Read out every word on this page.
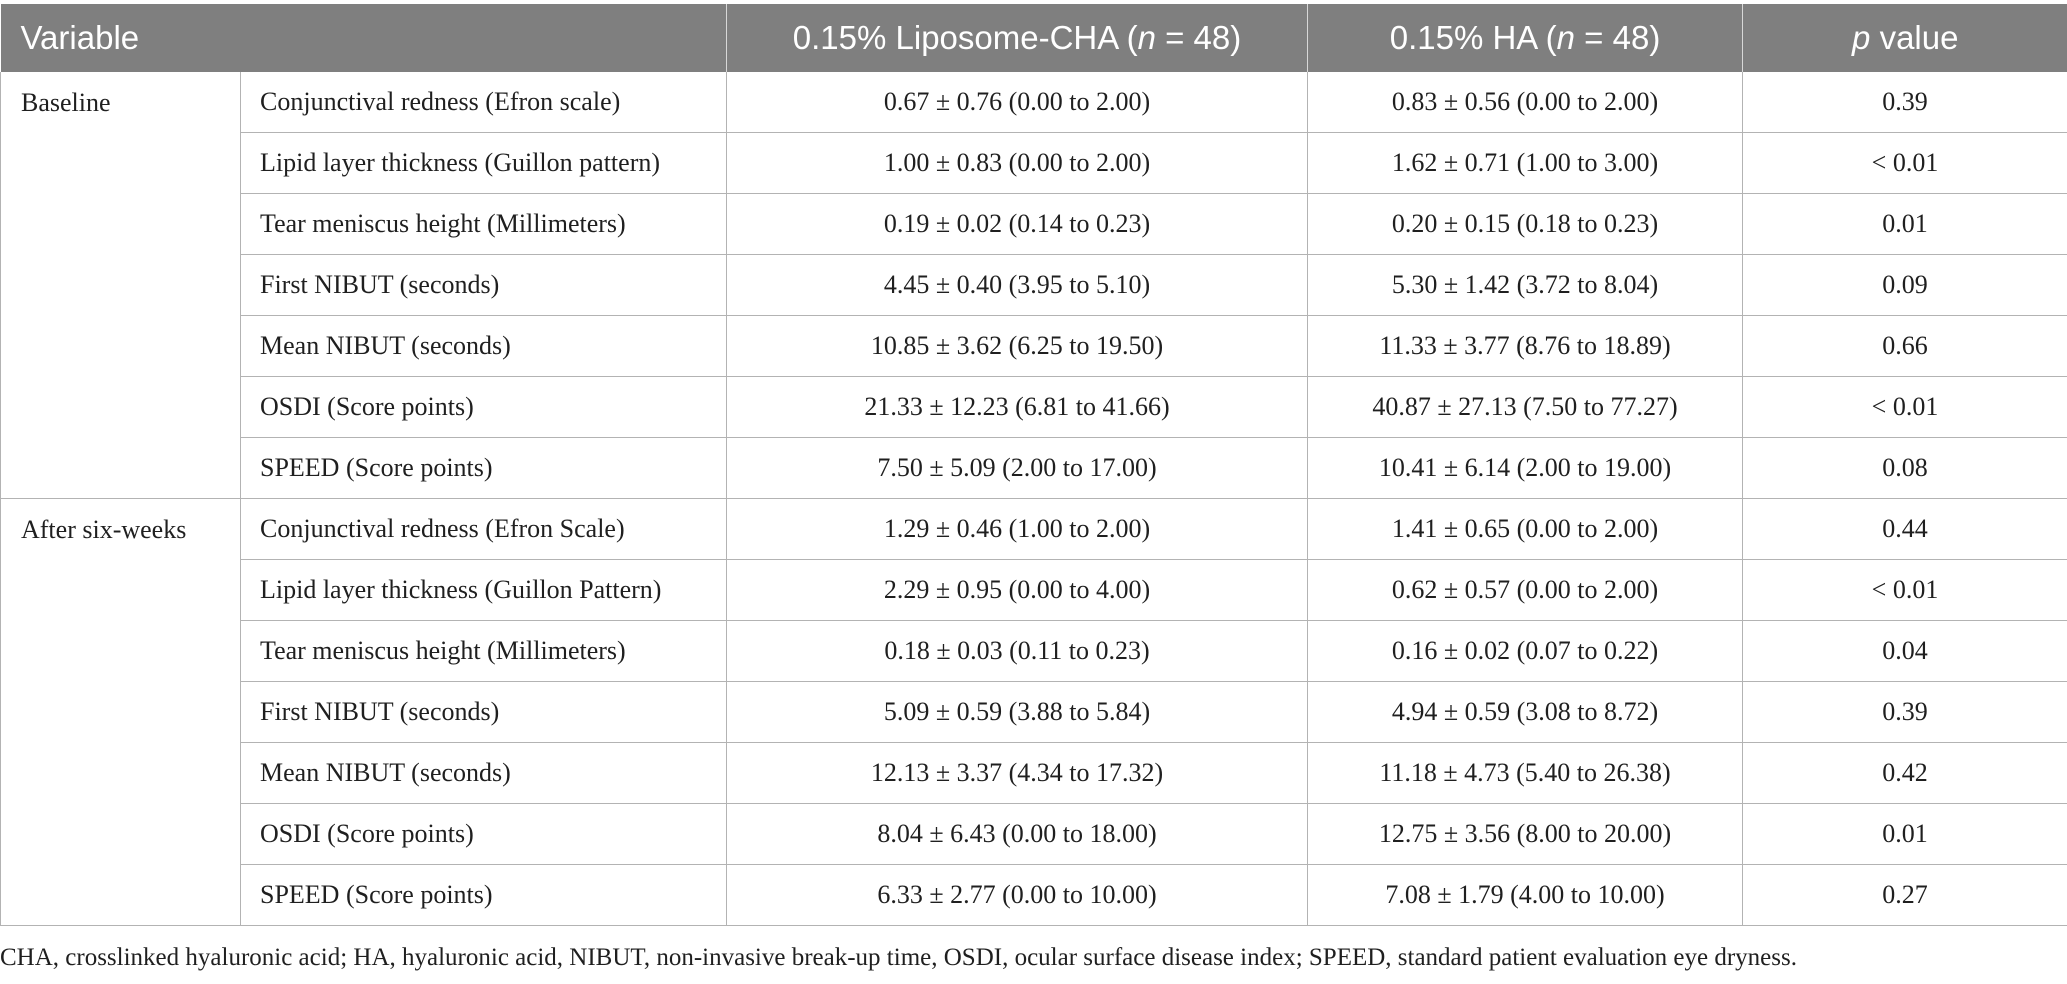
Variable		0.15% Liposome-CHA (n = 48)	0.15% HA (n = 48)	p value
Baseline	Conjunctival redness (Efron scale)	0.67 ± 0.76 (0.00 to 2.00)	0.83 ± 0.56 (0.00 to 2.00)	0.39
	Lipid layer thickness (Guillon pattern)	1.00 ± 0.83 (0.00 to 2.00)	1.62 ± 0.71 (1.00 to 3.00)	< 0.01
	Tear meniscus height (Millimeters)	0.19 ± 0.02 (0.14 to 0.23)	0.20 ± 0.15 (0.18 to 0.23)	0.01
	First NIBUT (seconds)	4.45 ± 0.40 (3.95 to 5.10)	5.30 ± 1.42 (3.72 to 8.04)	0.09
	Mean NIBUT (seconds)	10.85 ± 3.62 (6.25 to 19.50)	11.33 ± 3.77 (8.76 to 18.89)	0.66
	OSDI (Score points)	21.33 ± 12.23 (6.81 to 41.66)	40.87 ± 27.13 (7.50 to 77.27)	< 0.01
	SPEED (Score points)	7.50 ± 5.09 (2.00 to 17.00)	10.41 ± 6.14 (2.00 to 19.00)	0.08
After six-weeks	Conjunctival redness (Efron Scale)	1.29 ± 0.46 (1.00 to 2.00)	1.41 ± 0.65 (0.00 to 2.00)	0.44
	Lipid layer thickness (Guillon Pattern)	2.29 ± 0.95 (0.00 to 4.00)	0.62 ± 0.57 (0.00 to 2.00)	< 0.01
	Tear meniscus height (Millimeters)	0.18 ± 0.03 (0.11 to 0.23)	0.16 ± 0.02 (0.07 to 0.22)	0.04
	First NIBUT (seconds)	5.09 ± 0.59 (3.88 to 5.84)	4.94 ± 0.59 (3.08 to 8.72)	0.39
	Mean NIBUT (seconds)	12.13 ± 3.37 (4.34 to 17.32)	11.18 ± 4.73 (5.40 to 26.38)	0.42
	OSDI (Score points)	8.04 ± 6.43 (0.00 to 18.00)	12.75 ± 3.56 (8.00 to 20.00)	0.01
	SPEED (Score points)	6.33 ± 2.77 (0.00 to 10.00)	7.08 ± 1.79 (4.00 to 10.00)	0.27
CHA, crosslinked hyaluronic acid; HA, hyaluronic acid, NIBUT, non-invasive break-up time, OSDI, ocular surface disease index; SPEED, standard patient evaluation eye dryness.
